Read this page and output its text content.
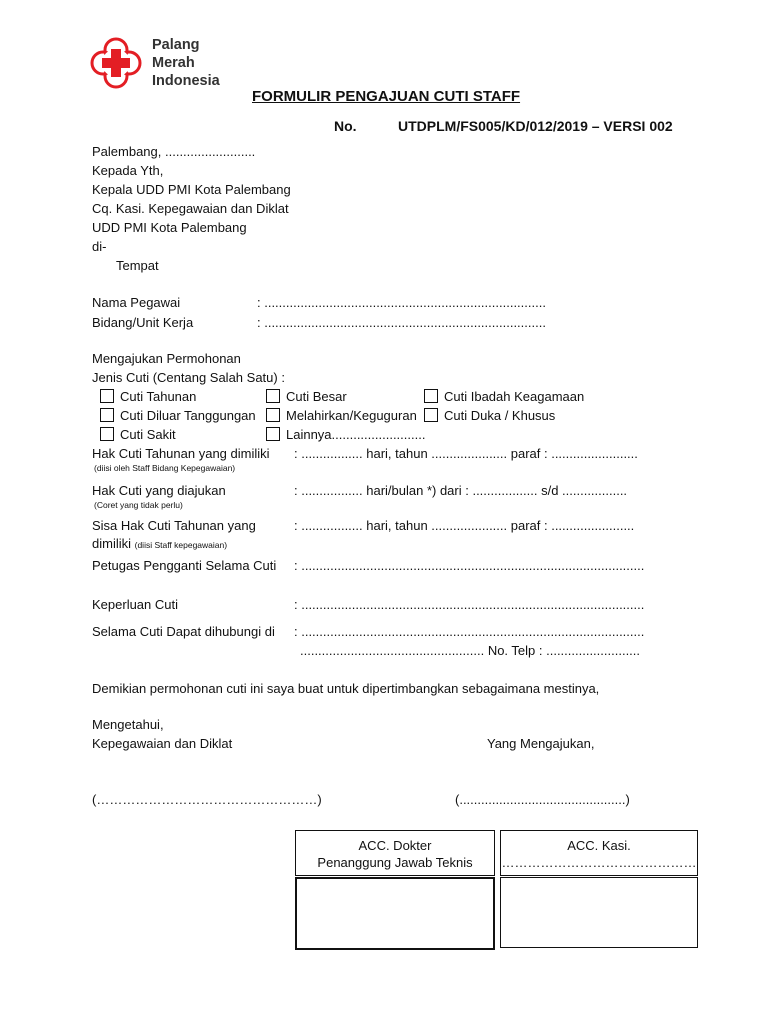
Palang
Merah
Indonesia
FORMULIR PENGAJUAN CUTI STAFF
No.	UTDPLM/FS005/KD/012/2019 – VERSI 002
Palembang, .........................
Kepada Yth,
Kepala UDD PMI Kota Palembang
Cq. Kasi. Kepegawaian dan Diklat
UDD PMI Kota Palembang
di-
Tempat
Nama Pegawai	: ..............................................................................
Bidang/Unit Kerja	: ..............................................................................
Mengajukan Permohonan
Jenis Cuti (Centang Salah Satu) :
Cuti Tahunan	Cuti Besar	Cuti Ibadah Keagamaan
Cuti Diluar Tanggungan	Melahirkan/Keguguran	Cuti Duka / Khusus
Cuti Sakit	Lainnya..........................
Hak Cuti Tahunan yang dimiliki
(diisi oleh Staff Bidang Kepegawaian)
: ................. hari, tahun ..................... paraf : ........................
Hak Cuti yang diajukan
(Coret yang tidak perlu)
: ................. hari/bulan *) dari : .................. s/d ..................
Sisa Hak Cuti Tahunan yang
dimiliki (diisi Staff kepegawaian)
: ................. hari, tahun ..................... paraf : .......................
Petugas Pengganti Selama Cuti : ...............................................................................................
Keperluan Cuti	: ...............................................................................................
Selama Cuti Dapat dihubungi di : ...............................................................................................
................................................... No. Telp : ..........................
Demikian permohonan cuti ini saya buat untuk dipertimbangkan sebagaimana mestinya,
Mengetahui,
Kepegawaian dan Diklat	Yang Mengajukan,
(……………………………………………)	(..............................................)
ACC. Dokter
Penanggung Jawab Teknis
ACC. Kasi.
………………………………………
